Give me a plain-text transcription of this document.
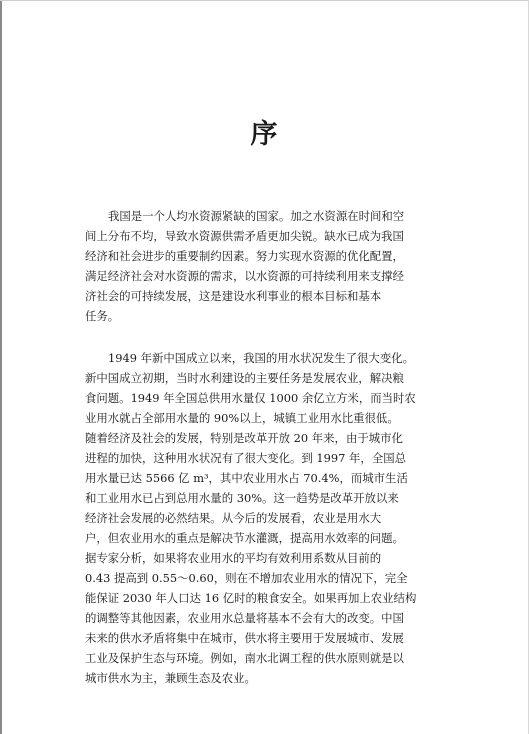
序
我国是一个人均水资源紧缺的国家。加之水资源在时间和空
间上分布不均，导致水资源供需矛盾更加尖锐。缺水已成为我国
经济和社会进步的重要制约因素。努力实现水资源的优化配置，
满足经济社会对水资源的需求，以水资源的可持续利用来支撑经
济社会的可持续发展，这是建设水利事业的根本目标和基本
任务。
1949 年新中国成立以来，我国的用水状况发生了很大变化。
新中国成立初期，当时水利建设的主要任务是发展农业，解决粮
食问题。1949 年全国总供用水量仅 1000 余亿立方米，而当时农
业用水就占全部用水量的 90%以上，城镇工业用水比重很低。
随着经济及社会的发展，特别是改革开放 20 年来，由于城市化
进程的加快，这种用水状况有了很大变化。到 1997 年，全国总
用水量已达 5566 亿 m³，其中农业用水占 70.4%，而城市生活
和工业用水已占到总用水量的 30%。这一趋势是改革开放以来
经济社会发展的必然结果。从今后的发展看，农业是用水大
户，但农业用水的重点是解决节水灌溉，提高用水效率的问题。
据专家分析，如果将农业用水的平均有效利用系数从目前的
0.43 提高到 0.55～0.60，则在不增加农业用水的情况下，完全
能保证 2030 年人口达 16 亿时的粮食安全。如果再加上农业结构
的调整等其他因素，农业用水总量将基本不会有大的改变。中国
未来的供水矛盾将集中在城市，供水将主要用于发展城市、发展
工业及保护生态与环境。例如，南水北调工程的供水原则就是以
城市供水为主，兼顾生态及农业。
